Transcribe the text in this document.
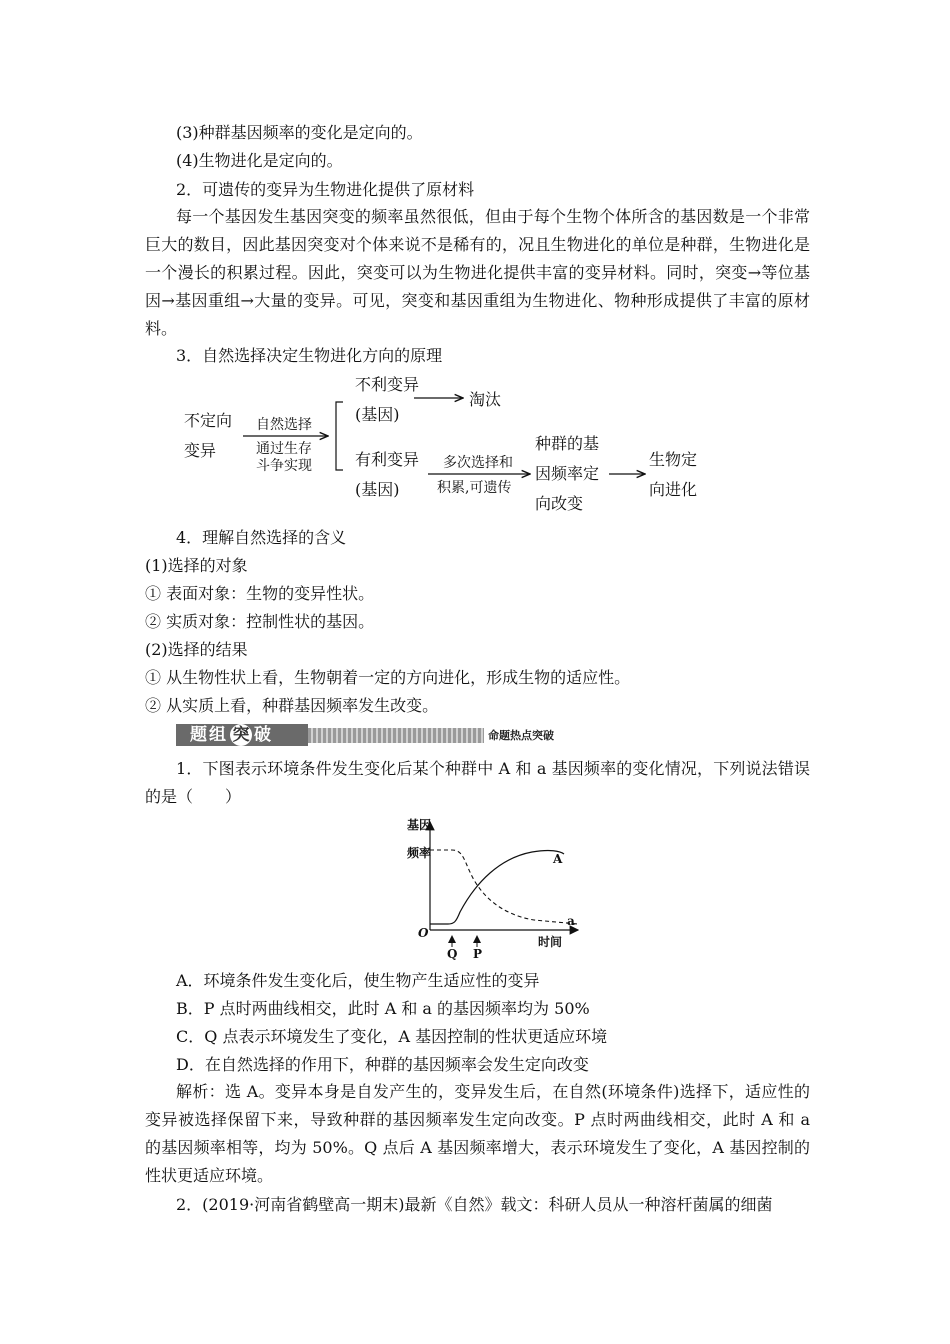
(3)种群基因频率的变化是定向的。
(4)生物进化是定向的。
2．可遗传的变异为生物进化提供了原材料
每一个基因发生基因突变的频率虽然很低，但由于每个生物个体所含的基因数是一个非常巨大的数目，因此基因突变对个体来说不是稀有的，况且生物进化的单位是种群，生物进化是一个漫长的积累过程。因此，突变可以为生物进化提供丰富的变异材料。同时，突变→等位基因→基因重组→大量的变异。可见，突变和基因重组为生物进化、物种形成提供了丰富的原材料。
3．自然选择决定生物进化方向的原理
不定向
变异
自然选择
通过生存
斗争实现
不利变异
(基因)
淘汰
有利变异
(基因)
多次选择和
积累,可遗传
种群的基
因频率定
向改变
生物定
向进化
4．理解自然选择的含义
(1)选择的对象
① 表面对象：生物的变异性状。
② 实质对象：控制性状的基因。
(2)选择的结果
① 从生物性状上看，生物朝着一定的方向进化，形成生物的适应性。
② 从实质上看，种群基因频率发生改变。
题组 突 破	命题热点突破
1．下图表示环境条件发生变化后某个种群中 A 和 a 基因频率的变化情况，下列说法错误的是（　　）
基因
频率
时间
O
A
a
Q P
A．环境条件发生变化后，使生物产生适应性的变异
B．P 点时两曲线相交，此时 A 和 a 的基因频率均为 50%
C．Q 点表示环境发生了变化，A 基因控制的性状更适应环境
D．在自然选择的作用下，种群的基因频率会发生定向改变
解析：选 A。变异本身是自发产生的，变异发生后，在自然(环境条件)选择下，适应性的变异被选择保留下来，导致种群的基因频率发生定向改变。P 点时两曲线相交，此时 A 和 a 的基因频率相等，均为 50%。Q 点后 A 基因频率增大，表示环境发生了变化，A 基因控制的性状更适应环境。
2．(2019·河南省鹤壁高一期末)最新《自然》载文：科研人员从一种溶杆菌属的细菌
